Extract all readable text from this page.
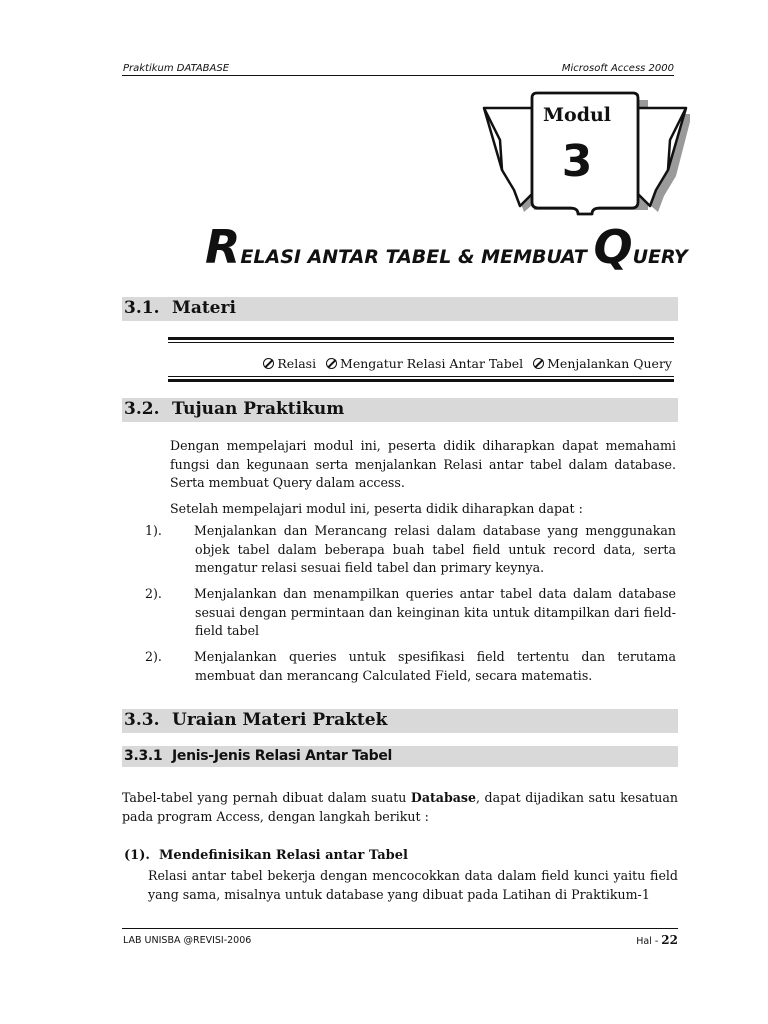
Praktikum DATABASE	Microsoft Access 2000
Modul
3
RELASI ANTAR TABEL & MEMBUAT QUERY
3.1. Materi
Relasi Mengatur Relasi Antar Tabel Menjalankan Query
3.2. Tujuan Praktikum
Dengan mempelajari modul ini, peserta didik diharapkan dapat memahami fungsi dan kegunaan serta menjalankan Relasi antar tabel dalam database. Serta membuat Query dalam access.
Setelah mempelajari modul ini, peserta didik diharapkan dapat :
1).	Menjalankan dan Merancang relasi dalam database yang menggunakan objek tabel dalam beberapa buah tabel field untuk record data, serta mengatur relasi sesuai field tabel dan primary keynya.
2).	Menjalankan dan menampilkan queries antar tabel data dalam database sesuai dengan permintaan dan keinginan kita untuk ditampilkan dari field-field tabel
2).	Menjalankan queries untuk spesifikasi field tertentu dan terutama membuat dan merancang Calculated Field, secara matematis.
3.3. Uraian Materi Praktek
3.3.1 Jenis-Jenis Relasi Antar Tabel
Tabel-tabel yang pernah dibuat dalam suatu Database, dapat dijadikan satu kesatuan pada program Access, dengan langkah berikut :
(1). Mendefinisikan Relasi antar Tabel
Relasi antar tabel bekerja dengan mencocokkan data dalam field kunci yaitu field yang sama, misalnya untuk database yang dibuat pada Latihan di Praktikum-1
LAB UNISBA @REVISI-2006	Hal - 22
